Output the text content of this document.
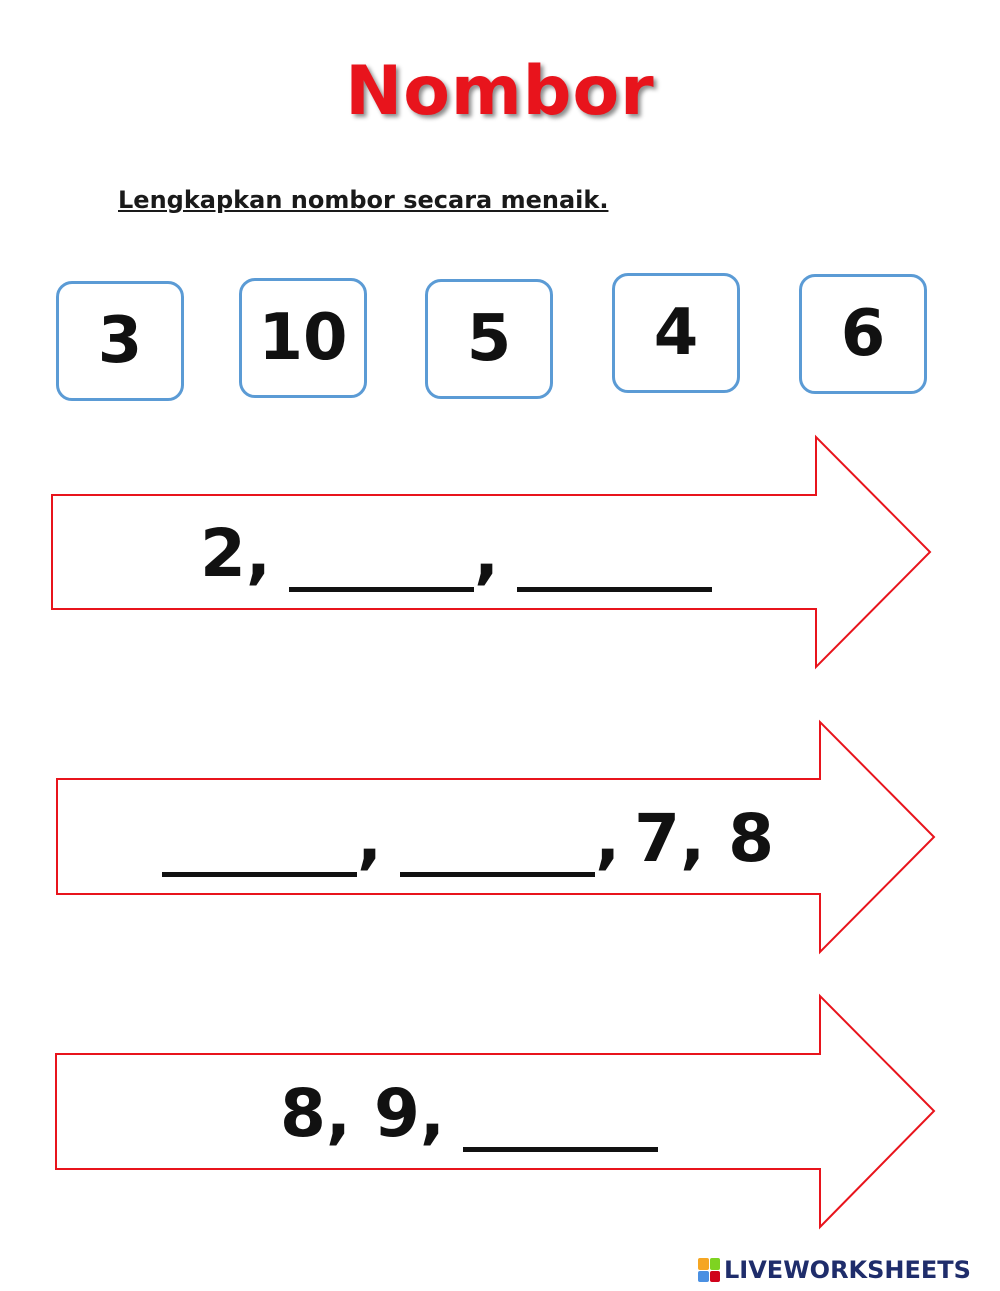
Nombor
Lengkapkan nombor secara menaik.
3	10	5	4	6
2,	,
,	, 7, 8
8, 9,
LIVEWORKSHEETS
